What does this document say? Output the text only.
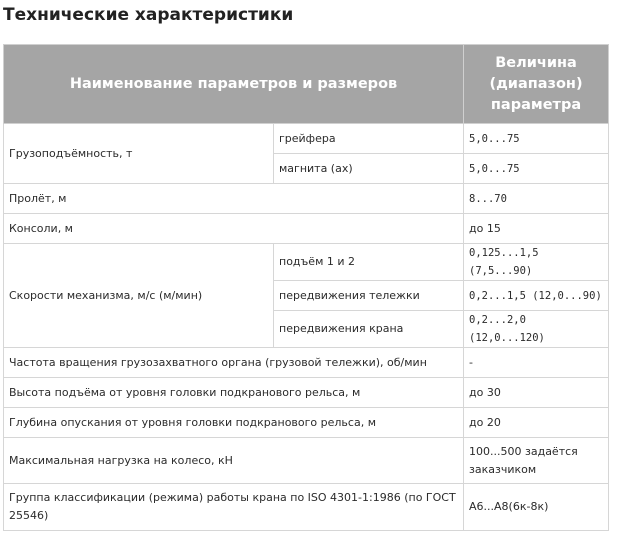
Технические характеристики
Наименование параметров и размеров		Величина
(диапазон)
параметра
Грузоподъёмность, т	грейфера	5,0...75
	магнита (ах)	5,0...75
Пролёт, м		8...70
Консоли, м		до 15
Скорости механизма, м/с (м/мин)	подъём 1 и 2	0,125...1,5 (7,5...90)
	передвижения тележки	0,2...1,5 (12,0...90)
	передвижения крана	0,2...2,0 (12,0...120)
Частота вращения грузозахватного органа (грузовой тележки), об/мин		-
Высота подъёма от уровня головки подкранового рельса, м		до 30
Глубина опускания от уровня головки подкранового рельса, м		до 20
Максимальная нагрузка на колесо, кН		100...500 задаётся
заказчиком
Группа классификации (режима) работы крана по ISO 4301-1:1986 (по ГОСТ 25546)		А6...А8(6к-8к)
